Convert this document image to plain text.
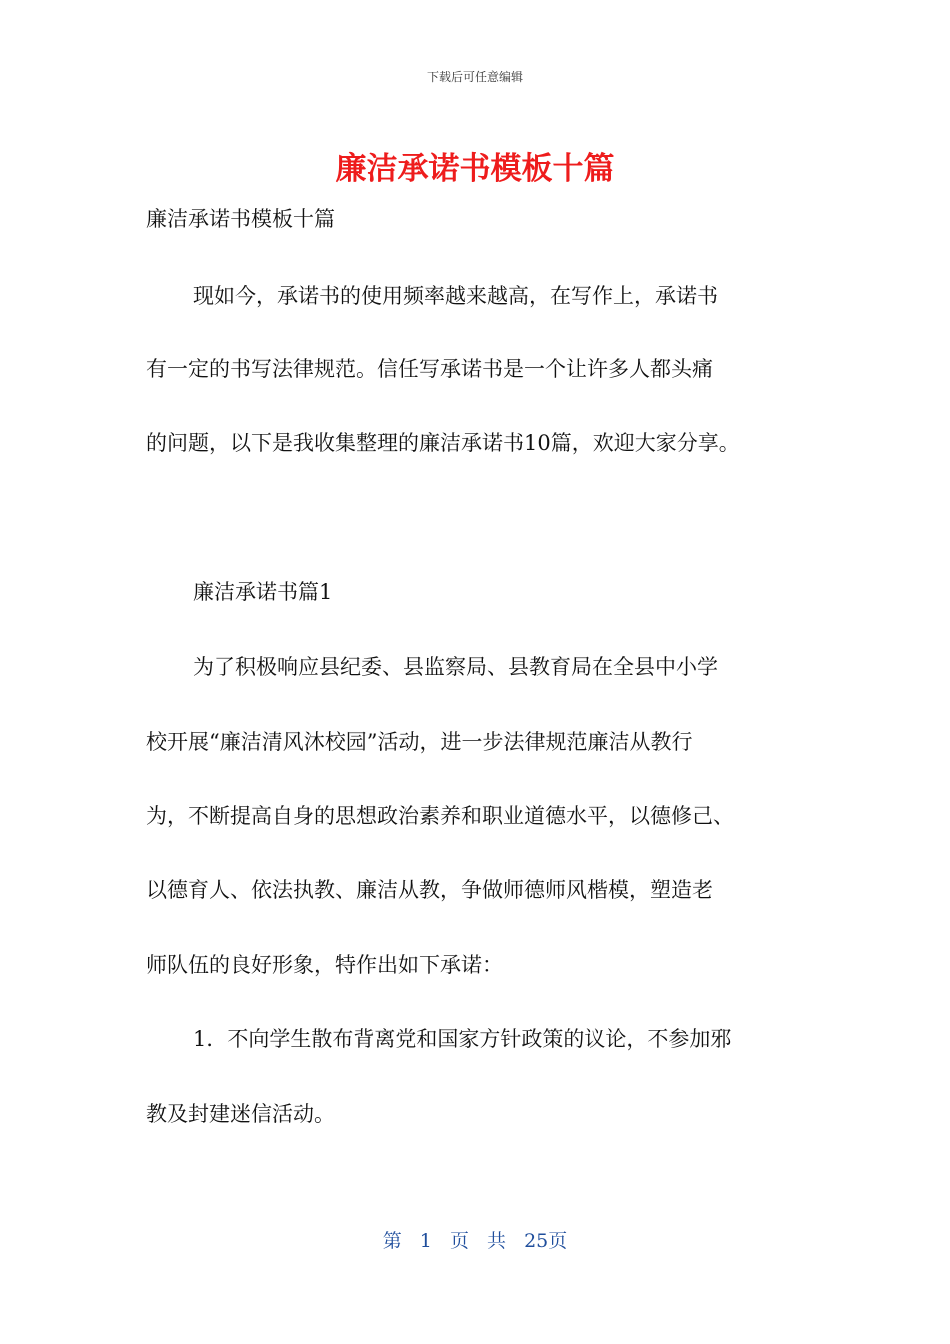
下载后可任意编辑
廉洁承诺书模板十篇
廉洁承诺书模板十篇
现如今，承诺书的使用频率越来越高，在写作上，承诺书
有一定的书写法律规范。信任写承诺书是一个让许多人都头痛
的问题，以下是我收集整理的廉洁承诺书10篇，欢迎大家分享。
廉洁承诺书篇1
为了积极响应县纪委、县监察局、县教育局在全县中小学
校开展“廉洁清风沐校园”活动，进一步法律规范廉洁从教行
为，不断提高自身的思想政治素养和职业道德水平，以德修己、
以德育人、依法执教、廉洁从教，争做师德师风楷模，塑造老
师队伍的良好形象，特作出如下承诺：
1．不向学生散布背离党和国家方针政策的议论，不参加邪
教及封建迷信活动。
第 1 页 共 25页
